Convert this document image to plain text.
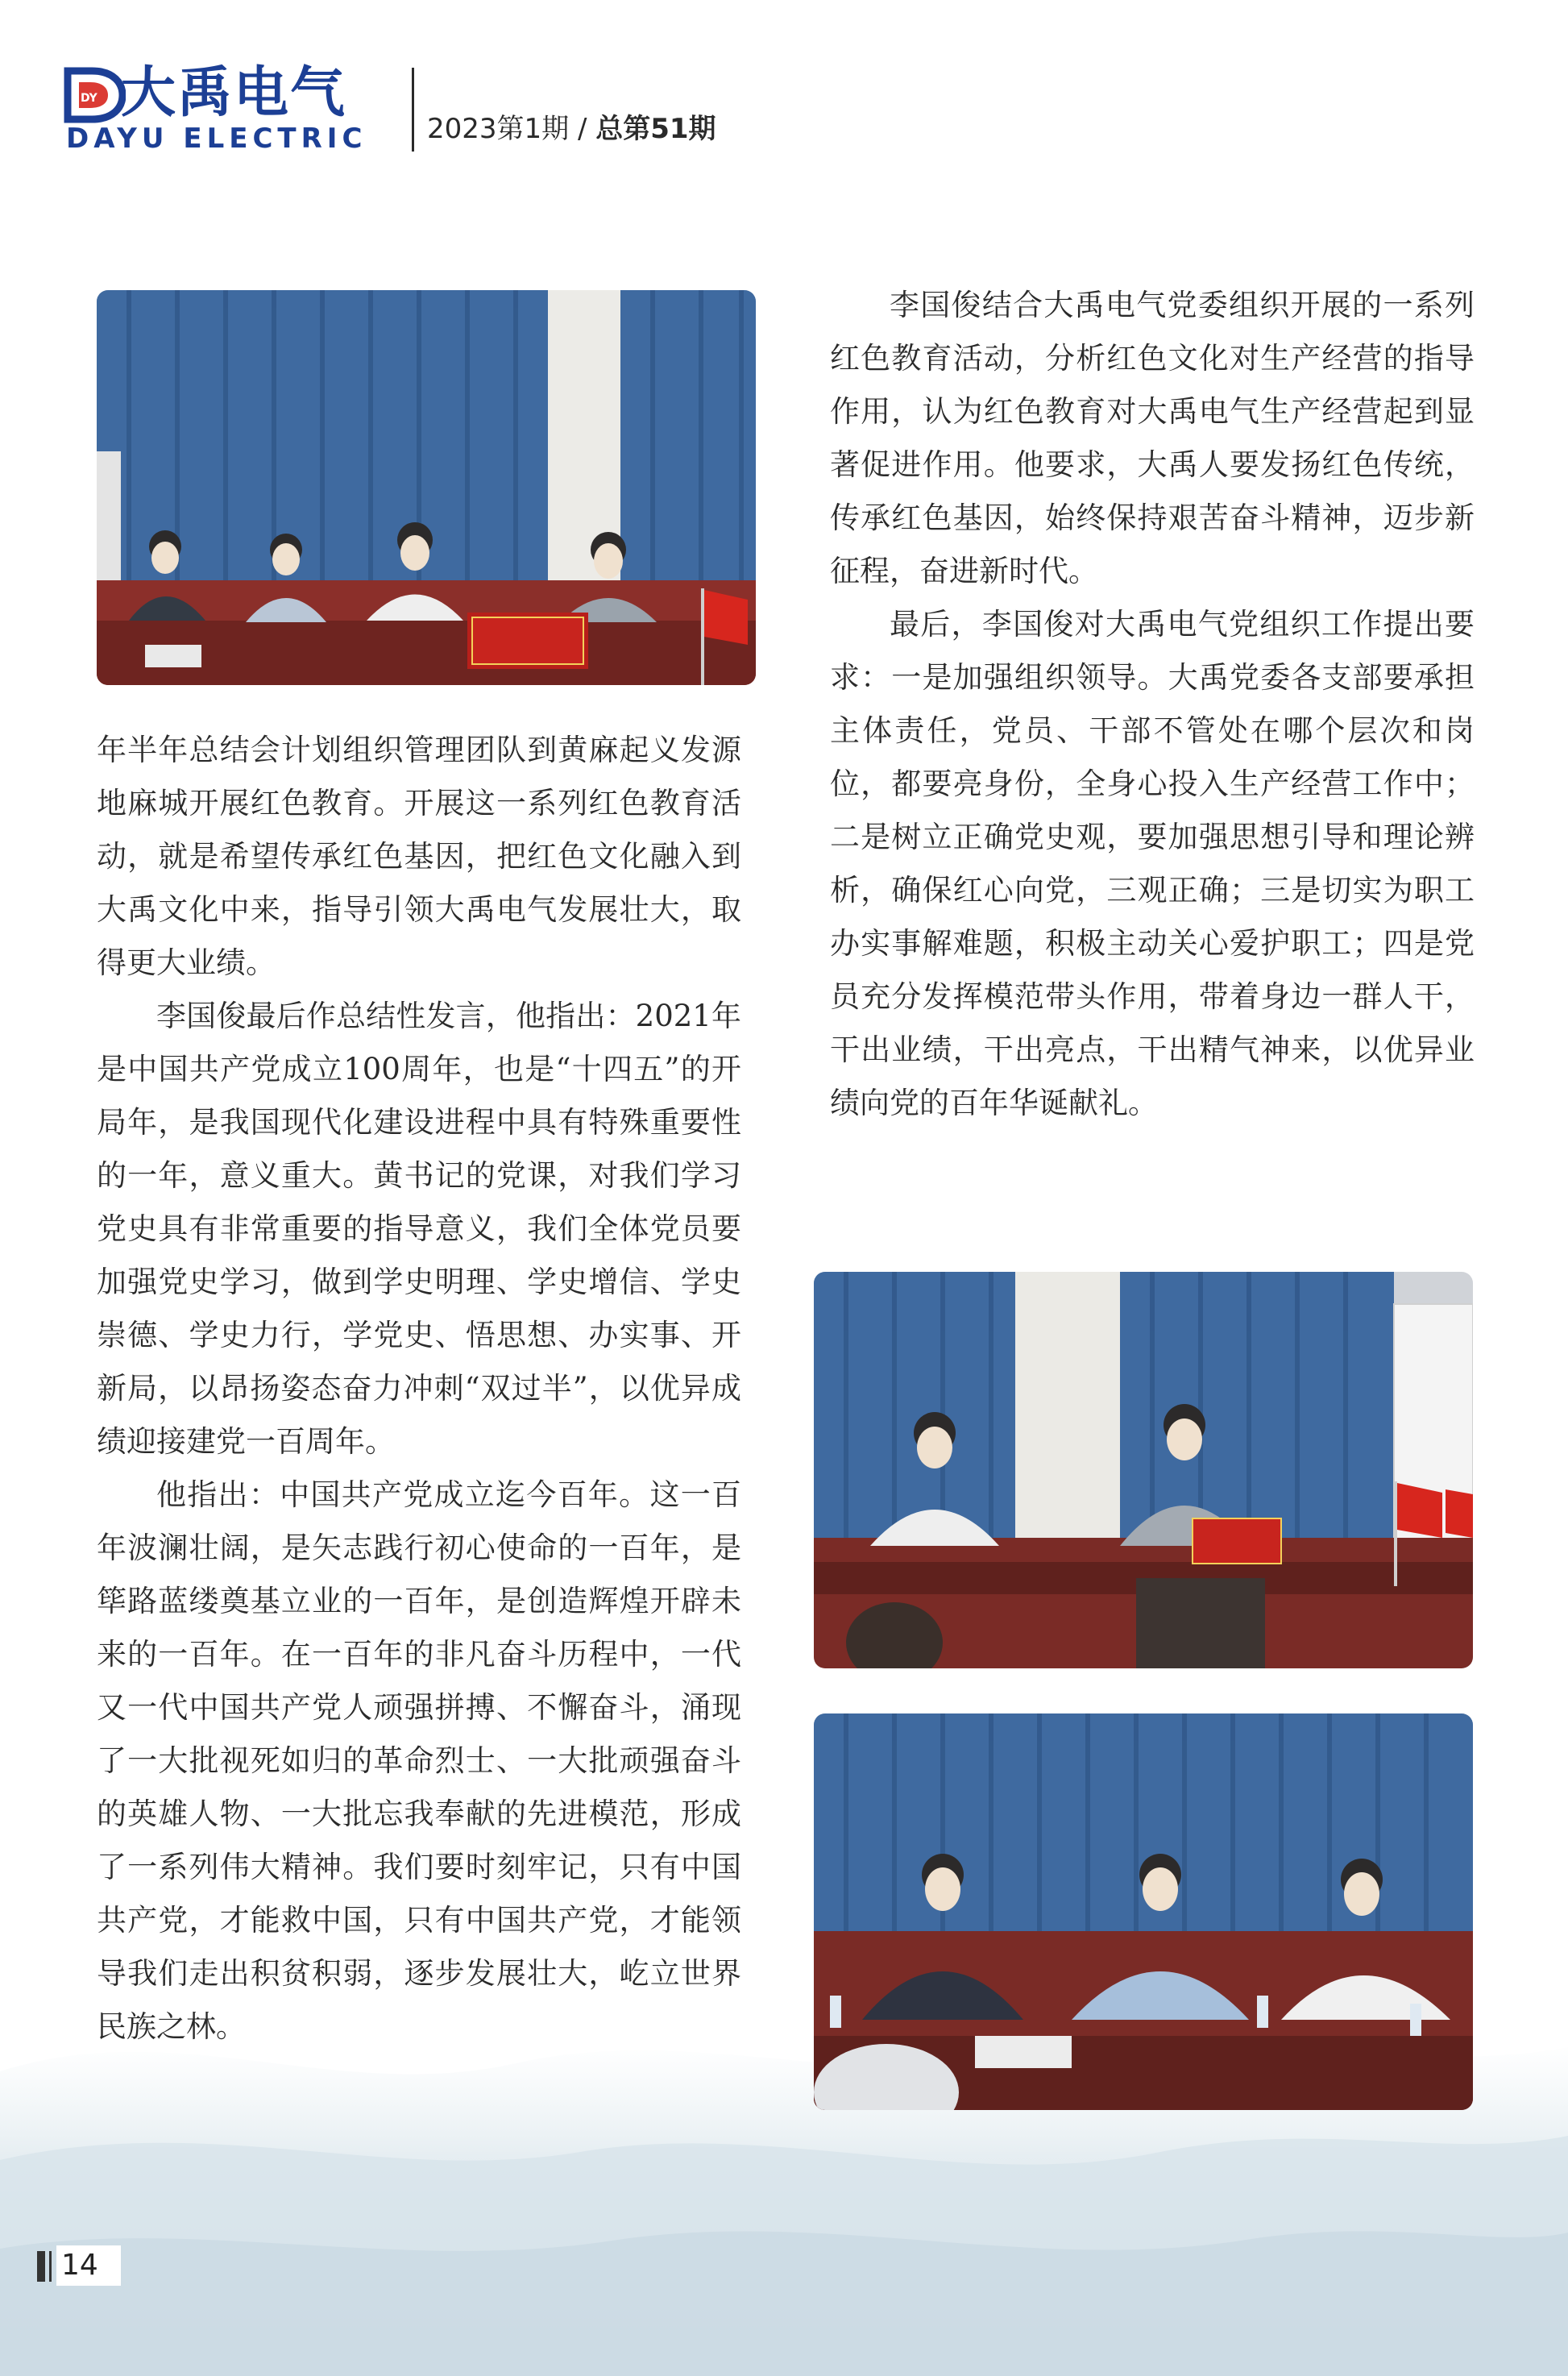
DY 大禹电气
DAYU ELECTRIC 2023第1期 / 总第51期

年半年总结会计划组织管理团队到黄麻起义发源地麻城开展红色教育。开展这一系列红色教育活动，就是希望传承红色基因，把红色文化融入到大禹文化中来，指导引领大禹电气发展壮大，取得更大业绩。

李国俊最后作总结性发言，他指出：2021年是中国共产党成立100周年，也是“十四五”的开局年，是我国现代化建设进程中具有特殊重要性的一年，意义重大。黄书记的党课，对我们学习党史具有非常重要的指导意义，我们全体党员要加强党史学习，做到学史明理、学史增信、学史崇德、学史力行，学党史、悟思想、办实事、开新局，以昂扬姿态奋力冲刺“双过半”，以优异成绩迎接建党一百周年。

他指出：中国共产党成立迄今百年。这一百年波澜壮阔，是矢志践行初心使命的一百年，是筚路蓝缕奠基立业的一百年，是创造辉煌开辟未来的一百年。在一百年的非凡奋斗历程中，一代又一代中国共产党人顽强拼搏、不懈奋斗，涌现了一大批视死如归的革命烈士、一大批顽强奋斗的英雄人物、一大批忘我奉献的先进模范，形成了一系列伟大精神。我们要时刻牢记，只有中国共产党，才能救中国，只有中国共产党，才能领导我们走出积贫积弱，逐步发展壮大，屹立世界民族之林。

李国俊结合大禹电气党委组织开展的一系列红色教育活动，分析红色文化对生产经营的指导作用，认为红色教育对大禹电气生产经营起到显著促进作用。他要求，大禹人要发扬红色传统，传承红色基因，始终保持艰苦奋斗精神，迈步新征程，奋进新时代。

最后，李国俊对大禹电气党组织工作提出要求：一是加强组织领导。大禹党委各支部要承担主体责任，党员、干部不管处在哪个层次和岗位，都要亮身份，全身心投入生产经营工作中；二是树立正确党史观，要加强思想引导和理论辨析，确保红心向党，三观正确；三是切实为职工办实事解难题，积极主动关心爱护职工；四是党员充分发挥模范带头作用，带着身边一群人干，干出业绩，干出亮点，干出精气神来，以优异业绩向党的百年华诞献礼。

14
